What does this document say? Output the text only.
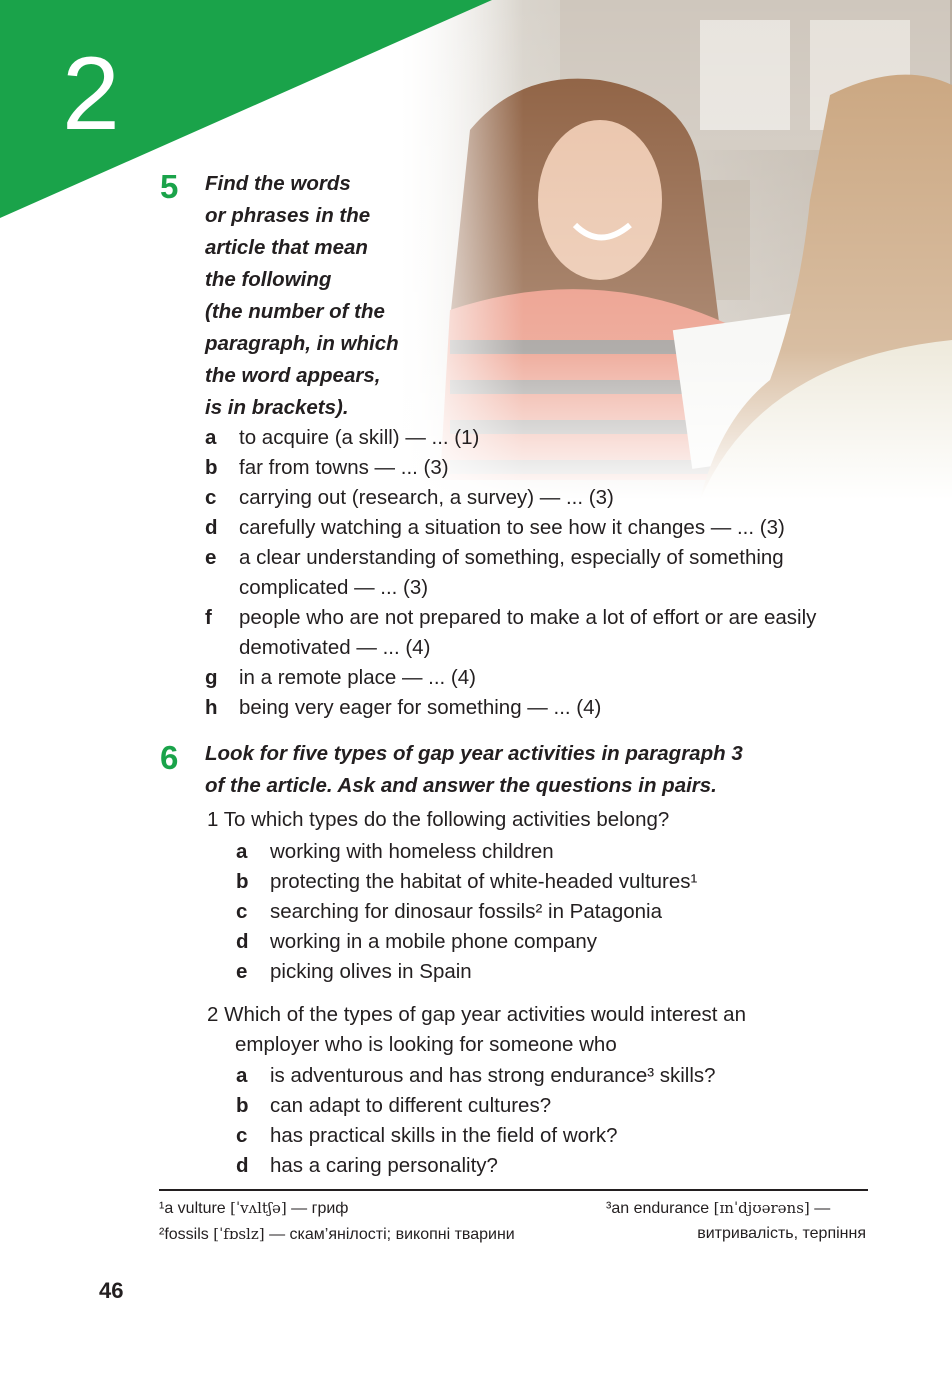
2
5 Find the words
or phrases in the
article that mean
the following
(the number of the
paragraph, in which
the word appears,
is in brackets).
a to acquire (a skill) — ... (1)
b far from towns — ... (3)
c carrying out (research, a survey) — ... (3)
d carefully watching a situation to see how it changes — ... (3)
e a clear understanding of something, especially of something
complicated — ... (3)
f people who are not prepared to make a lot of effort or are easily
demotivated — ... (4)
g in a remote place — ... (4)
h being very eager for something — ... (4)
6 Look for five types of gap year activities in paragraph 3
of the article. Ask and answer the questions in pairs.
1 To which types do the following activities belong?
a working with homeless children
b protecting the habitat of white-headed vultures¹
c searching for dinosaur fossils² in Patagonia
d working in a mobile phone company
e picking olives in Spain
2 Which of the types of gap year activities would interest an
employer who is looking for someone who
a is adventurous and has strong endurance³ skills?
b can adapt to different cultures?
c has practical skills in the field of work?
d has a caring personality?
¹a vulture [ˈvʌltʃə] — гриф
²fossils [ˈfɒslz] — скам’янілості; викопні тварини
³an endurance [ɪnˈdjʊərəns] —
витривалість, терпіння
46
